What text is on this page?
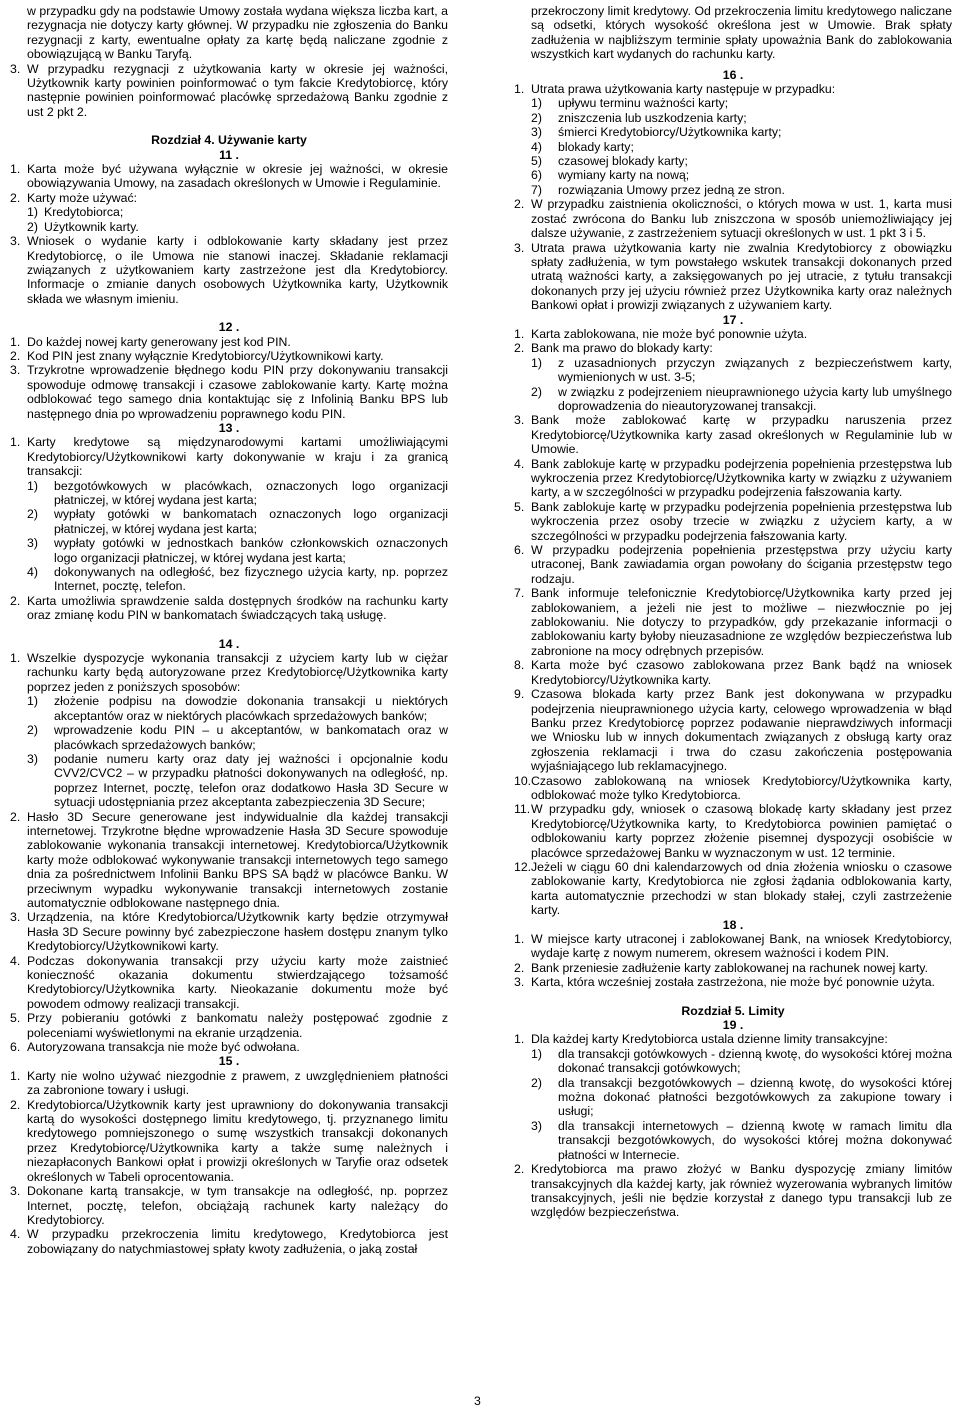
w przypadku gdy na podstawie Umowy została wydana większa liczba kart, a rezygnacja nie dotyczy karty głównej. W przypadku nie zgłoszenia do Banku rezygnacji z karty, ewentualne opłaty za kartę będą naliczane zgodnie z obowiązującą w Banku Taryfą.

3. W przypadku rezygnacji z użytkowania karty w okresie jej ważności, Użytkownik karty powinien poinformować o tym fakcie Kredytobiorcę, który następnie powinien poinformować placówkę sprzedażową Banku zgodnie z ust 2 pkt 2.

Rozdział 4. Używanie karty

11 .

1. Karta może być używana wyłącznie w okresie jej ważności, w okresie obowiązywania Umowy, na zasadach określonych w Umowie i Regulaminie.

2. Karty może używać:

1) Kredytobiorca;

2) Użytkownik karty.

3. Wniosek o wydanie karty i odblokowanie karty składany jest przez Kredytobiorcę, o ile Umowa nie stanowi inaczej. Składanie reklamacji związanych z użytkowaniem karty zastrzeżone jest dla Kredytobiorcy. Informacje o zmianie danych osobowych Użytkownika karty, Użytkownik składa we własnym imieniu.

12 .

1. Do każdej nowej karty generowany jest kod PIN.

2. Kod PIN jest znany wyłącznie Kredytobiorcy/Użytkownikowi karty.

3. Trzykrotne wprowadzenie błędnego kodu PIN przy dokonywaniu transakcji spowoduje odmowę transakcji i czasowe zablokowanie karty. Kartę można odblokować tego samego dnia kontaktując się z Infolinią Banku BPS lub następnego dnia po wprowadzeniu poprawnego kodu PIN.

13 .

1. Karty kredytowe są międzynarodowymi kartami umożliwiającymi Kredytobiorcy/Użytkownikowi karty dokonywanie w kraju i za granicą transakcji:

1) bezgotówkowych w placówkach, oznaczonych logo organizacji płatniczej, w której wydana jest karta;

2) wypłaty gotówki w bankomatach oznaczonych logo organizacji płatniczej, w której wydana jest karta;

3) wypłaty gotówki w jednostkach banków członkowskich oznaczonych logo organizacji płatniczej, w której wydana jest karta;

4) dokonywanych na odległość, bez fizycznego użycia karty, np. poprzez Internet, pocztę, telefon.

2. Karta umożliwia sprawdzenie salda dostępnych środków na rachunku karty oraz zmianę kodu PIN w bankomatach świadczących taką usługę.

14 .

1. Wszelkie dyspozycje wykonania transakcji z użyciem karty lub w ciężar rachunku karty będą autoryzowane przez Kredytobiorcę/Użytkownika karty poprzez jeden z poniższych sposobów:

1) złożenie podpisu na dowodzie dokonania transakcji u niektórych akceptantów oraz w niektórych placówkach sprzedażowych banków;

2) wprowadzenie kodu PIN – u akceptantów, w bankomatach oraz w placówkach sprzedażowych banków;

3) podanie numeru karty oraz daty jej ważności i opcjonalnie kodu CVV2/CVC2 – w przypadku płatności dokonywanych na odległość, np. poprzez Internet, pocztę, telefon oraz dodatkowo Hasła 3D Secure w sytuacji udostępniania przez akceptanta zabezpieczenia 3D Secure;

2. Hasło 3D Secure generowane jest indywidualnie dla każdej transakcji internetowej. Trzykrotne błędne wprowadzenie Hasła 3D Secure spowoduje zablokowanie wykonania transakcji internetowej. Kredytobiorca/Użytkownik karty może odblokować wykonywanie transakcji internetowych tego samego dnia za pośrednictwem Infolinii Banku BPS SA bądź w placówce Banku. W przeciwnym wypadku wykonywanie transakcji internetowych zostanie automatycznie odblokowane następnego dnia.

3. Urządzenia, na które Kredytobiorca/Użytkownik karty będzie otrzymywał Hasła 3D Secure powinny być zabezpieczone hasłem dostępu znanym tylko Kredytobiorcy/Użytkownikowi karty.

4. Podczas dokonywania transakcji przy użyciu karty może zaistnieć konieczność okazania dokumentu stwierdzającego tożsamość Kredytobiorcy/Użytkownika karty. Nieokazanie dokumentu może być powodem odmowy realizacji transakcji.

5. Przy pobieraniu gotówki z bankomatu należy postępować zgodnie z poleceniami wyświetlonymi na ekranie urządzenia.

6. Autoryzowana transakcja nie może być odwołana.

15 .

1. Karty nie wolno używać niezgodnie z prawem, z uwzględnieniem płatności za zabronione towary i usługi.

2. Kredytobiorca/Użytkownik karty jest uprawniony do dokonywania transakcji kartą do wysokości dostępnego limitu kredytowego, tj. przyznanego limitu kredytowego pomniejszonego o sumę wszystkich transakcji dokonanych przez Kredytobiorcę/Użytkownika karty a także sumę należnych i niezapłaconych Bankowi opłat i prowizji określonych w Taryfie oraz odsetek określonych w Tabeli oprocentowania.

3. Dokonane kartą transakcje, w tym transakcje na odległość, np. poprzez Internet, pocztę, telefon, obciążają rachunek karty należący do Kredytobiorcy.

4. W przypadku przekroczenia limitu kredytowego, Kredytobiorca jest zobowiązany do natychmiastowej spłaty kwoty zadłużenia, o jaką został

przekroczony limit kredytowy. Od przekroczenia limitu kredytowego naliczane są odsetki, których wysokość określona jest w Umowie. Brak spłaty zadłużenia w najbliższym terminie spłaty upoważnia Bank do zablokowania wszystkich kart wydanych do rachunku karty.

16 .

1. Utrata prawa użytkowania karty następuje w przypadku:

1) upływu terminu ważności karty;

2) zniszczenia lub uszkodzenia karty;

3) śmierci Kredytobiorcy/Użytkownika karty;

4) blokady karty;

5) czasowej blokady karty;

6) wymiany karty na nową;

7) rozwiązania Umowy przez jedną ze stron.

2. W przypadku zaistnienia okoliczności, o których mowa w ust. 1, karta musi zostać zwrócona do Banku lub zniszczona w sposób uniemożliwiający jej dalsze używanie, z zastrzeżeniem sytuacji określonych w ust. 1 pkt 3 i 5.

3. Utrata prawa użytkowania karty nie zwalnia Kredytobiorcy z obowiązku spłaty zadłużenia, w tym powstałego wskutek transakcji dokonanych przed utratą ważności karty, a zaksięgowanych po jej utracie, z tytułu transakcji dokonanych przy jej użyciu również przez Użytkownika karty oraz należnych Bankowi opłat i prowizji związanych z używaniem karty.

17 .

1. Karta zablokowana, nie może być ponownie użyta.

2. Bank ma prawo do blokady karty:

1) z uzasadnionych przyczyn związanych z bezpieczeństwem karty, wymienionych w ust. 3-5;

2) w związku z podejrzeniem nieuprawnionego użycia karty lub umyślnego doprowadzenia do nieautoryzowanej transakcji.

3. Bank może zablokować kartę w przypadku naruszenia przez Kredytobiorcę/Użytkownika karty zasad określonych w Regulaminie lub w Umowie.

4. Bank zablokuje kartę w przypadku podejrzenia popełnienia przestępstwa lub wykroczenia przez Kredytobiorcę/Użytkownika karty w związku z używaniem karty, a w szczególności w przypadku podejrzenia fałszowania karty.

5. Bank zablokuje kartę w przypadku podejrzenia popełnienia przestępstwa lub wykroczenia przez osoby trzecie w związku z użyciem karty, a w szczególności w przypadku podejrzenia fałszowania karty.

6. W przypadku podejrzenia popełnienia przestępstwa przy użyciu karty utraconej, Bank zawiadamia organ powołany do ścigania przestępstw tego rodzaju.

7. Bank informuje telefonicznie Kredytobiorcę/Użytkownika karty przed jej zablokowaniem, a jeżeli nie jest to możliwe – niezwłocznie po jej zablokowaniu. Nie dotyczy to przypadków, gdy przekazanie informacji o zablokowaniu karty byłoby nieuzasadnione ze względów bezpieczeństwa lub zabronione na mocy odrębnych przepisów.

8. Karta może być czasowo zablokowana przez Bank bądź na wniosek Kredytobiorcy/Użytkownika karty.

9. Czasowa blokada karty przez Bank jest dokonywana w przypadku podejrzenia nieuprawnionego użycia karty, celowego wprowadzenia w błąd Banku przez Kredytobiorcę poprzez podawanie nieprawdziwych informacji we Wniosku lub w innych dokumentach związanych z obsługą karty oraz zgłoszenia reklamacji i trwa do czasu zakończenia postępowania wyjaśniającego lub reklamacyjnego.

10. Czasowo zablokowaną na wniosek Kredytobiorcy/Użytkownika karty, odblokować może tylko Kredytobiorca.

11. W przypadku gdy, wniosek o czasową blokadę karty składany jest przez Kredytobiorcę/Użytkownika karty, to Kredytobiorca powinien pamiętać o odblokowaniu karty poprzez złożenie pisemnej dyspozycji osobiście w placówce sprzedażowej Banku w wyznaczonym w ust. 12 terminie.

12. Jeżeli w ciągu 60 dni kalendarzowych od dnia złożenia wniosku o czasowe zablokowanie karty, Kredytobiorca nie zgłosi żądania odblokowania karty, karta automatycznie przechodzi w stan blokady stałej, czyli zastrzeżenie karty.

18 .

1. W miejsce karty utraconej i zablokowanej Bank, na wniosek Kredytobiorcy, wydaje kartę z nowym numerem, okresem ważności i kodem PIN.

2. Bank przeniesie zadłużenie karty zablokowanej na rachunek nowej karty.

3. Karta, która wcześniej została zastrzeżona, nie może być ponownie użyta.

Rozdział 5. Limity

19 .

1. Dla każdej karty Kredytobiorca ustala dzienne limity transakcyjne:

1) dla transakcji gotówkowych - dzienną kwotę, do wysokości której można dokonać transakcji gotówkowych;

2) dla transakcji bezgotówkowych – dzienną kwotę, do wysokości której można dokonać płatności bezgotówkowych za zakupione towary i usługi;

3) dla transakcji internetowych – dzienną kwotę w ramach limitu dla transakcji bezgotówkowych, do wysokości której można dokonywać płatności w Internecie.

2. Kredytobiorca ma prawo złożyć w Banku dyspozycję zmiany limitów transakcyjnych dla każdej karty, jak również wyzerowania wybranych limitów transakcyjnych, jeśli nie będzie korzystał z danego typu transakcji lub ze względów bezpieczeństwa.

3
